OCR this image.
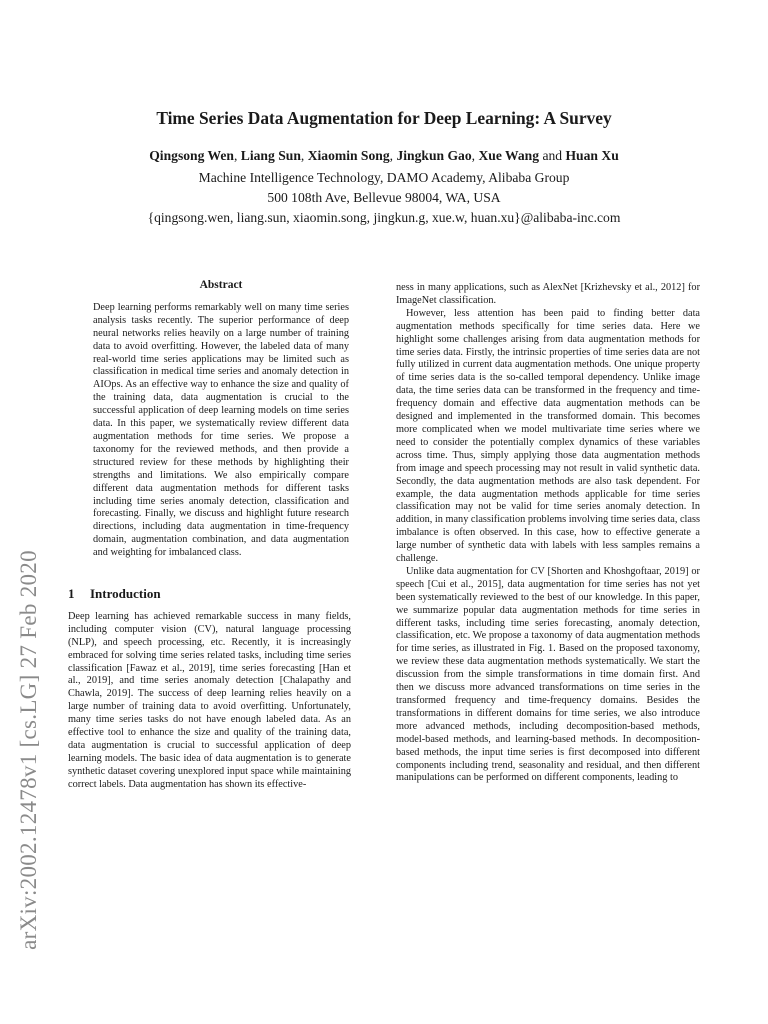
arXiv:2002.12478v1 [cs.LG] 27 Feb 2020
Time Series Data Augmentation for Deep Learning: A Survey
Qingsong Wen, Liang Sun, Xiaomin Song, Jingkun Gao, Xue Wang and Huan Xu
Machine Intelligence Technology, DAMO Academy, Alibaba Group
500 108th Ave, Bellevue 98004, WA, USA
{qingsong.wen, liang.sun, xiaomin.song, jingkun.g, xue.w, huan.xu}@alibaba-inc.com
Abstract

Deep learning performs remarkably well on many time series analysis tasks recently. The superior performance of deep neural networks relies heavily on a large number of training data to avoid overfitting. However, the labeled data of many real-world time series applications may be limited such as classification in medical time series and anomaly detection in AIOps. As an effective way to enhance the size and quality of the training data, data augmentation is crucial to the successful application of deep learning models on time series data. In this paper, we systematically review different data augmentation methods for time series. We propose a taxonomy for the reviewed methods, and then provide a structured review for these methods by highlighting their strengths and limitations. We also empirically compare different data augmentation methods for different tasks including time series anomaly detection, classification and forecasting. Finally, we discuss and highlight future research directions, including data augmentation in time-frequency domain, augmentation combination, and data augmentation and weighting for imbalanced class.

1 Introduction

Deep learning has achieved remarkable success in many fields, including computer vision (CV), natural language processing (NLP), and speech processing, etc. Recently, it is increasingly embraced for solving time series related tasks, including time series classification [Fawaz et al., 2019], time series forecasting [Han et al., 2019], and time series anomaly detection [Chalapathy and Chawla, 2019]. The success of deep learning relies heavily on a large number of training data to avoid overfitting. Unfortunately, many time series tasks do not have enough labeled data. As an effective tool to enhance the size and quality of the training data, data augmentation is crucial to successful application of deep learning models. The basic idea of data augmentation is to generate synthetic dataset covering unexplored input space while maintaining correct labels. Data augmentation has shown its effective-

ness in many applications, such as AlexNet [Krizhevsky et al., 2012] for ImageNet classification.

However, less attention has been paid to finding better data augmentation methods specifically for time series data. Here we highlight some challenges arising from data augmentation methods for time series data. Firstly, the intrinsic properties of time series data are not fully utilized in current data augmentation methods. One unique property of time series data is the so-called temporal dependency. Unlike image data, the time series data can be transformed in the frequency and time-frequency domain and effective data augmentation methods can be designed and implemented in the transformed domain. This becomes more complicated when we model multivariate time series where we need to consider the potentially complex dynamics of these variables across time. Thus, simply applying those data augmentation methods from image and speech processing may not result in valid synthetic data. Secondly, the data augmentation methods are also task dependent. For example, the data augmentation methods applicable for time series classification may not be valid for time series anomaly detection. In addition, in many classification problems involving time series data, class imbalance is often observed. In this case, how to effective generate a large number of synthetic data with labels with less samples remains a challenge.

Unlike data augmentation for CV [Shorten and Khoshgoftaar, 2019] or speech [Cui et al., 2015], data augmentation for time series has not yet been systematically reviewed to the best of our knowledge. In this paper, we summarize popular data augmentation methods for time series in different tasks, including time series forecasting, anomaly detection, classification, etc. We propose a taxonomy of data augmentation methods for time series, as illustrated in Fig. 1. Based on the proposed taxonomy, we review these data augmentation methods systematically. We start the discussion from the simple transformations in time domain first. And then we discuss more advanced transformations on time series in the transformed frequency and time-frequency domains. Besides the transformations in different domains for time series, we also introduce more advanced methods, including decomposition-based methods, model-based methods, and learning-based methods. In decomposition-based methods, the input time series is first decomposed into different components including trend, seasonality and residual, and then different manipulations can be performed on different components, leading to
